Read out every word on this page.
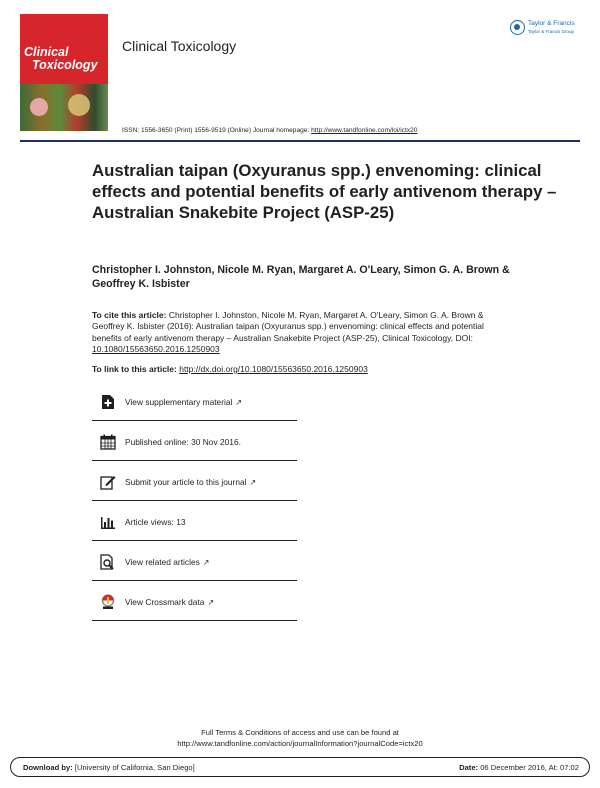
Clinical
Toxicology
Clinical Toxicology
Taylor & Francis
Taylor & Francis Group
ISSN: 1556-3650 (Print) 1556-9519 (Online) Journal homepage: http://www.tandfonline.com/loi/ictx20
Australian taipan (Oxyuranus spp.) envenoming: clinical effects and potential benefits of early antivenom therapy – Australian Snakebite Project (ASP-25)
Christopher I. Johnston, Nicole M. Ryan, Margaret A. O'Leary, Simon G. A. Brown & Geoffrey K. Isbister
To cite this article: Christopher I. Johnston, Nicole M. Ryan, Margaret A. O'Leary, Simon G. A. Brown & Geoffrey K. Isbister (2016): Australian taipan (Oxyuranus spp.) envenoming: clinical effects and potential benefits of early antivenom therapy – Australian Snakebite Project (ASP-25), Clinical Toxicology, DOI: 10.1080/15563650.2016.1250903
To link to this article: http://dx.doi.org/10.1080/15563650.2016.1250903
View supplementary material ↗
Published online: 30 Nov 2016.
Submit your article to this journal ↗
Article views: 13
View related articles ↗
View Crossmark data ↗
Full Terms & Conditions of access and use can be found at
http://www.tandfonline.com/action/journalInformation?journalCode=ictx20
Download by: [University of California, San Diego]	Date: 06 December 2016, At: 07:02
